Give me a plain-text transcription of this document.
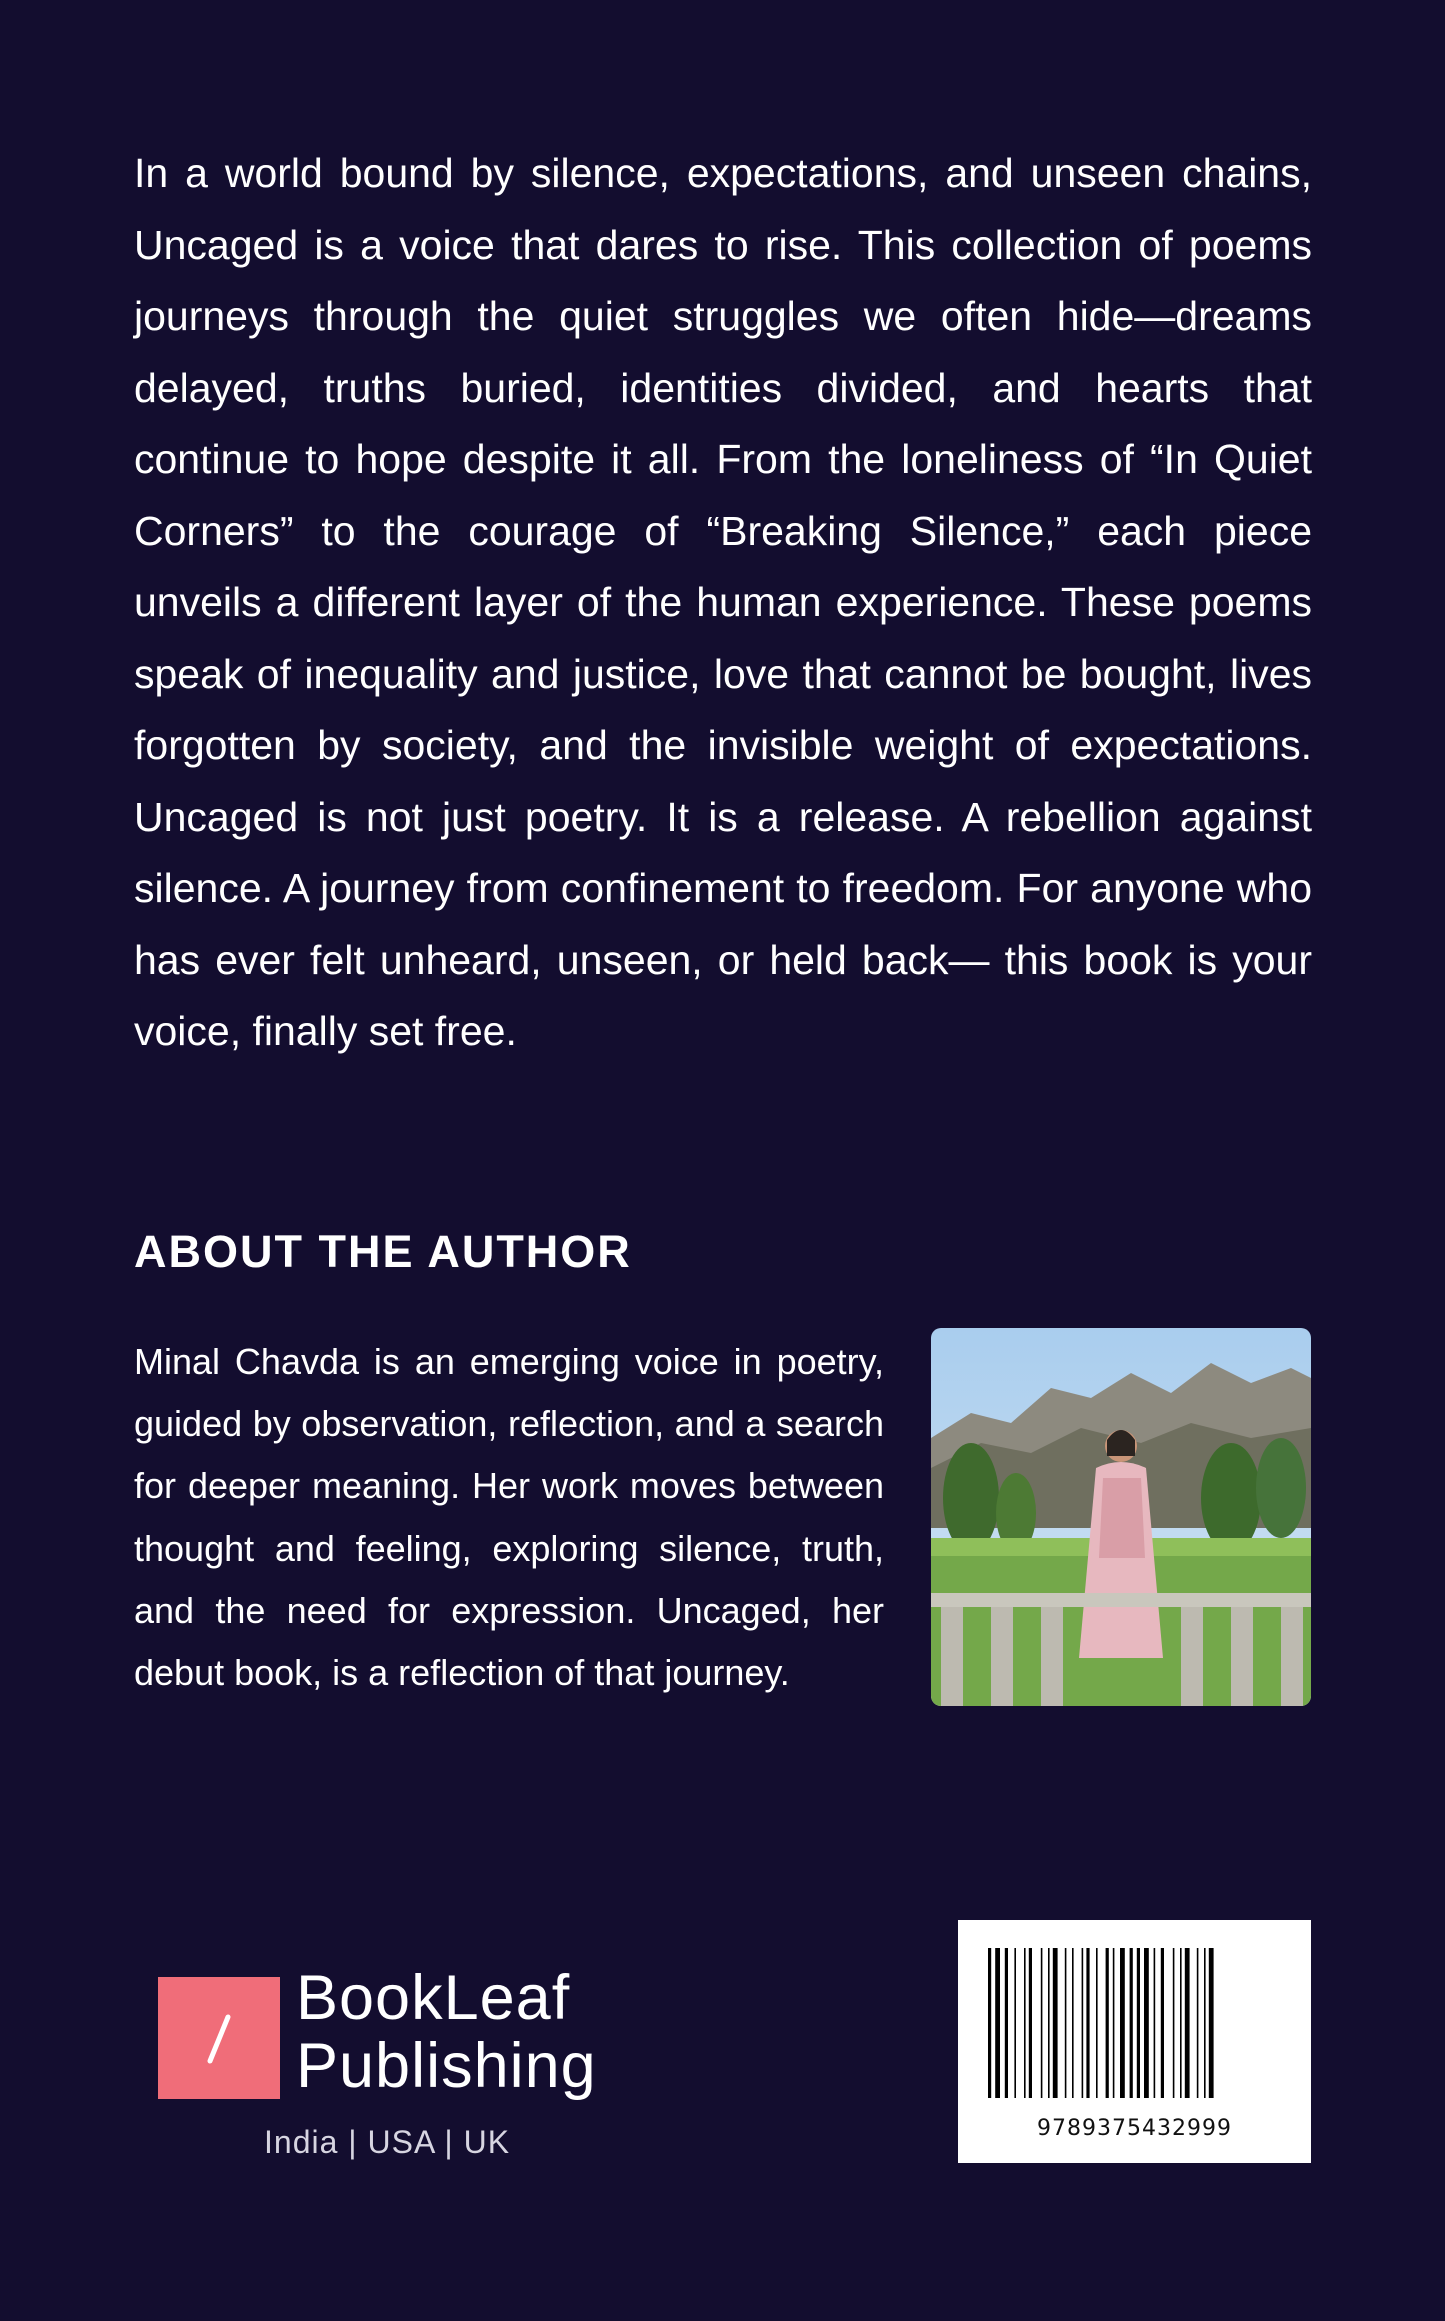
In a world bound by silence, expectations, and unseen chains, Uncaged is a voice that dares to rise. This collection of poems journeys through the quiet struggles we often hide—dreams delayed, truths buried, identities divided, and hearts that continue to hope despite it all. From the loneliness of “In Quiet Corners” to the courage of “Breaking Silence,” each piece unveils a different layer of the human experience. These poems speak of inequality and justice, love that cannot be bought, lives forgotten by society, and the invisible weight of expectations. Uncaged is not just poetry. It is a release. A rebellion against silence. A journey from confinement to freedom. For anyone who has ever felt unheard, unseen, or held back— this book is your voice, finally set free.

ABOUT THE AUTHOR

Minal Chavda is an emerging voice in poetry, guided by observation, reflection, and a search for deeper meaning. Her work moves between thought and feeling, exploring silence, truth, and the need for expression. Uncaged, her debut book, is a reflection of that journey.

BookLeaf
Publishing
India | USA | UK	9789375432999
